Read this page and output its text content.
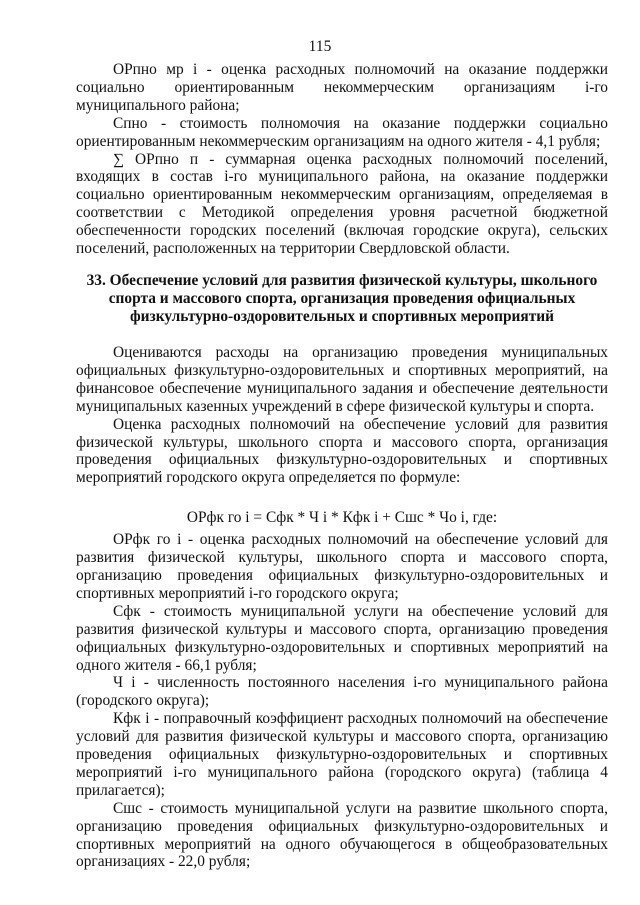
115

ОРпно мр i - оценка расходных полномочий на оказание поддержки социально ориентированным некоммерческим организациям i-го муниципального района;

Спно - стоимость полномочия на оказание поддержки социально ориентированным некоммерческим организациям на одного жителя - 4,1 рубля;

∑ ОРпно п - суммарная оценка расходных полномочий поселений, входящих в состав i-го муниципального района, на оказание поддержки социально ориентированным некоммерческим организациям, определяемая в соответствии с Методикой определения уровня расчетной бюджетной обеспеченности городских поселений (включая городские округа), сельских поселений, расположенных на территории Свердловской области.

33. Обеспечение условий для развития физической культуры, школьного спорта и массового спорта, организация проведения официальных физкультурно-оздоровительных и спортивных мероприятий

Оцениваются расходы на организацию проведения муниципальных официальных физкультурно-оздоровительных и спортивных мероприятий, на финансовое обеспечение муниципального задания и обеспечение деятельности муниципальных казенных учреждений в сфере физической культуры и спорта.

Оценка расходных полномочий на обеспечение условий для развития физической культуры, школьного спорта и массового спорта, организация проведения официальных физкультурно-оздоровительных и спортивных мероприятий городского округа определяется по формуле:

ОРфк го i = Сфк * Ч i * Кфк i + Сшс * Чо i, где:

ОРфк го i - оценка расходных полномочий на обеспечение условий для развития физической культуры, школьного спорта и массового спорта, организацию проведения официальных физкультурно-оздоровительных и спортивных мероприятий i-го городского округа;

Сфк - стоимость муниципальной услуги на обеспечение условий для развития физической культуры и массового спорта, организацию проведения официальных физкультурно-оздоровительных и спортивных мероприятий на одного жителя - 66,1 рубля;

Ч i - численность постоянного населения i-го муниципального района (городского округа);

Кфк i - поправочный коэффициент расходных полномочий на обеспечение условий для развития физической культуры и массового спорта, организацию проведения официальных физкультурно-оздоровительных и спортивных мероприятий i-го муниципального района (городского округа) (таблица 4 прилагается);

Сшс - стоимость муниципальной услуги на развитие школьного спорта, организацию проведения официальных физкультурно-оздоровительных и спортивных мероприятий на одного обучающегося в общеобразовательных организациях - 22,0 рубля;
